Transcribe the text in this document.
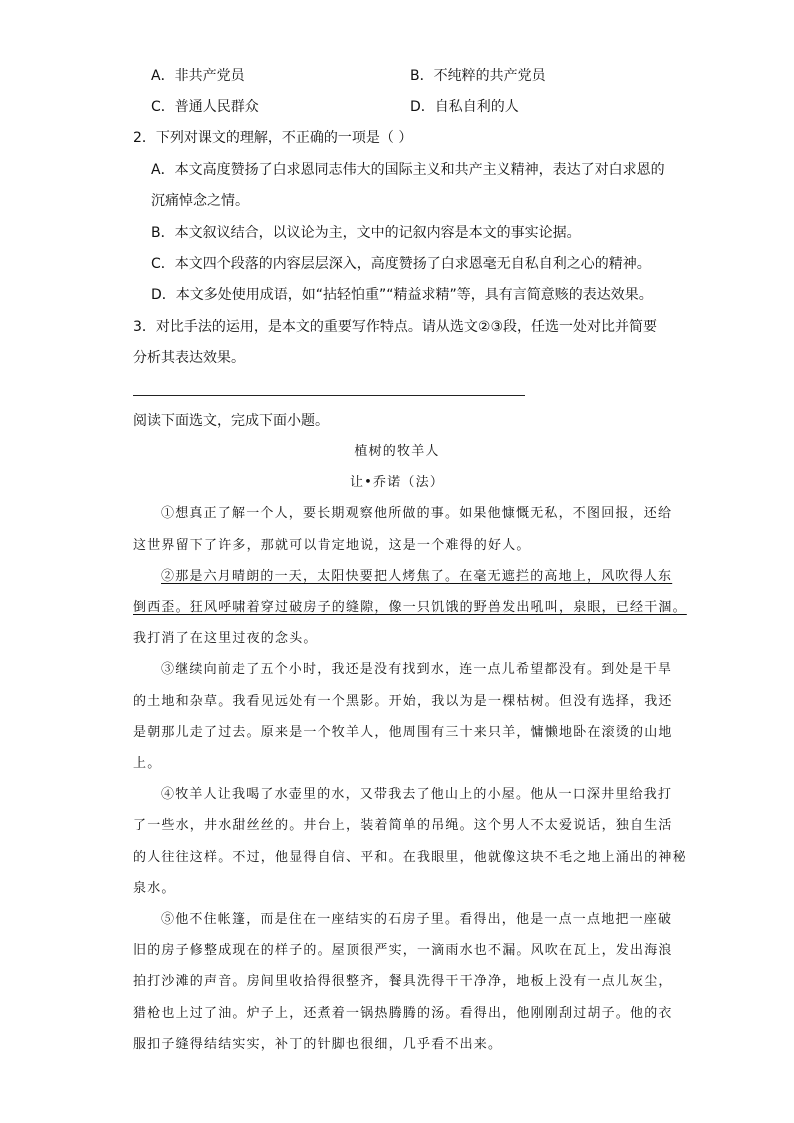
A．非共产党员	B．不纯粹的共产党员
C．普通人民群众	D．自私自利的人
2．下列对课文的理解，不正确的一项是（ ）
A．本文高度赞扬了白求恩同志伟大的国际主义和共产主义精神，表达了对白求恩的
沉痛悼念之情。
B．本文叙议结合，以议论为主，文中的记叙内容是本文的事实论据。
C．本文四个段落的内容层层深入，高度赞扬了白求恩毫无自私自利之心的精神。
D．本文多处使用成语，如“拈轻怕重”“精益求精”等，具有言简意赅的表达效果。
3．对比手法的运用，是本文的重要写作特点。请从选文②③段，任选一处对比并简要
分析其表达效果。
阅读下面选文，完成下面小题。
植树的牧羊人
让•乔诺（法）
①想真正了解一个人，要长期观察他所做的事。如果他慷慨无私，不图回报，还给
这世界留下了许多，那就可以肯定地说，这是一个难得的好人。
②那是六月晴朗的一天，太阳快要把人烤焦了。在毫无遮拦的高地上，风吹得人东
倒西歪。狂风呼啸着穿过破房子的缝隙，像一只饥饿的野兽发出吼叫，泉眼，已经干涸。
我打消了在这里过夜的念头。
③继续向前走了五个小时，我还是没有找到水，连一点儿希望都没有。到处是干旱
的土地和杂草。我看见远处有一个黑影。开始，我以为是一棵枯树。但没有选择，我还
是朝那儿走了过去。原来是一个牧羊人，他周围有三十来只羊，慵懒地卧在滚烫的山地
上。
④牧羊人让我喝了水壶里的水，又带我去了他山上的小屋。他从一口深井里给我打
了一些水，井水甜丝丝的。井台上，装着简单的吊绳。这个男人不太爱说话，独自生活
的人往往这样。不过，他显得自信、平和。在我眼里，他就像这块不毛之地上涌出的神秘
泉水。
⑤他不住帐篷，而是住在一座结实的石房子里。看得出，他是一点一点地把一座破
旧的房子修整成现在的样子的。屋顶很严实，一滴雨水也不漏。风吹在瓦上，发出海浪
拍打沙滩的声音。房间里收拾得很整齐，餐具洗得干干净净，地板上没有一点儿灰尘，
猎枪也上过了油。炉子上，还煮着一锅热腾腾的汤。看得出，他刚刚刮过胡子。他的衣
服扣子缝得结结实实，补丁的针脚也很细，几乎看不出来。
